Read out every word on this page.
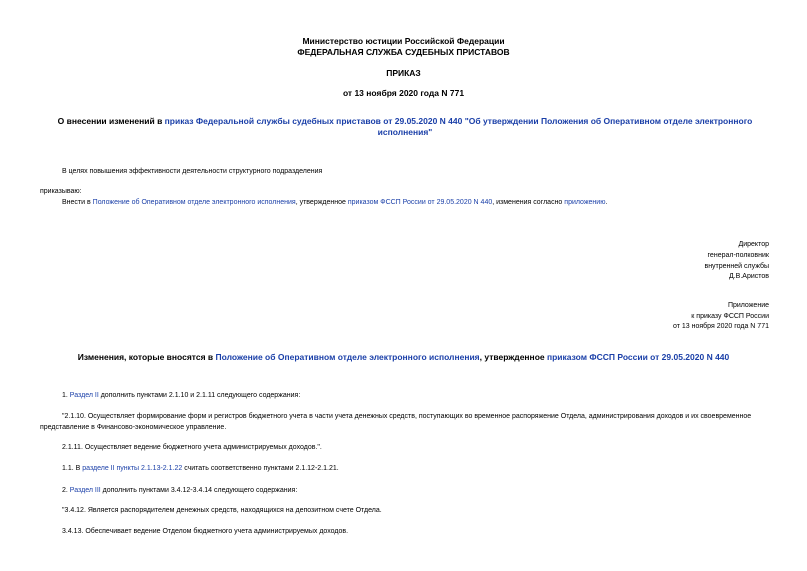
Министерство юстиции Российской Федерации
ФЕДЕРАЛЬНАЯ СЛУЖБА СУДЕБНЫХ ПРИСТАВОВ
ПРИКАЗ
от 13 ноября 2020 года N 771
О внесении изменений в приказ Федеральной службы судебных приставов от 29.05.2020 N 440 "Об утверждении Положения об Оперативном отделе электронного
исполнения"
В целях повышения эффективности деятельности структурного подразделения
приказываю:
Внести в Положение об Оперативном отделе электронного исполнения, утвержденное приказом ФССП России от 29.05.2020 N 440, изменения согласно приложению.
Директор
генерал-полковник
внутренней службы
Д.В.Аристов
Приложение
к приказу ФССП России
от 13 ноября 2020 года N 771
Изменения, которые вносятся в Положение об Оперативном отделе электронного исполнения, утвержденное приказом ФССП России от 29.05.2020 N 440
1. Раздел II дополнить пунктами 2.1.10 и 2.1.11 следующего содержания:
"2.1.10. Осуществляет формирование форм и регистров бюджетного учета в части учета денежных средств, поступающих во временное распоряжение Отдела, администрирования доходов и их своевременное
представление в Финансово-экономическое управление.
2.1.11. Осуществляет ведение бюджетного учета администрируемых доходов.".
1.1. В разделе II пункты 2.1.13-2.1.22 считать соответственно пунктами 2.1.12-2.1.21.
2. Раздел III дополнить пунктами 3.4.12-3.4.14 следующего содержания:
"3.4.12. Является распорядителем денежных средств, находящихся на депозитном счете Отдела.
3.4.13. Обеспечивает ведение Отделом бюджетного учета администрируемых доходов.
